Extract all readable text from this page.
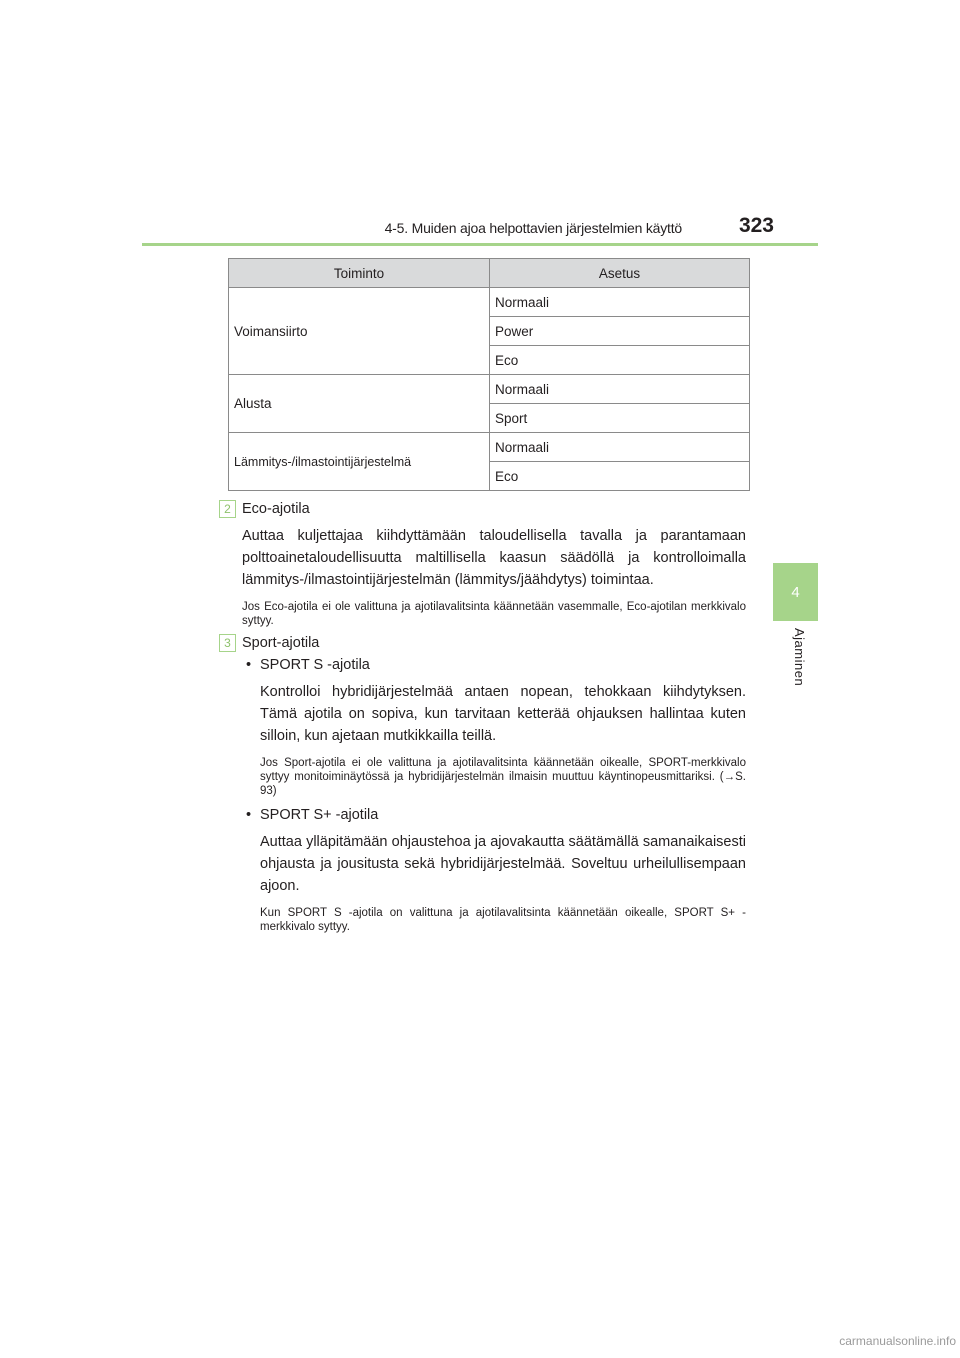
4-5. Muiden ajoa helpottavien järjestelmien käyttö	323
4
Ajaminen
Toiminto	Asetus
Voimansiirto	Normaali
	Power
	Eco
Alusta	Normaali
	Sport
Lämmitys-/ilmastointijärjestelmä	Normaali
	Eco
2 Eco-ajotila

Auttaa kuljettajaa kiihdyttämään taloudellisella tavalla ja parantamaan polttoainetaloudellisuutta maltillisella kaasun säädöllä ja kontrolloimalla lämmitys-/ilmastointijärjestelmän (lämmitys/jäähdytys) toimintaa.

Jos Eco-ajotila ei ole valittuna ja ajotilavalitsinta käännetään vasemmalle, Eco-ajotilan merkkivalo syttyy.

3 Sport-ajotila

• SPORT S -ajotila

Kontrolloi hybridijärjestelmää antaen nopean, tehokkaan kiihdytyksen. Tämä ajotila on sopiva, kun tarvitaan ketterää ohjauksen hallintaa kuten silloin, kun ajetaan mutkikkailla teillä.

Jos Sport-ajotila ei ole valittuna ja ajotilavalitsinta käännetään oikealle, SPORT-merkkivalo syttyy monitoiminäytössä ja hybridijärjestelmän ilmaisin muuttuu käyntinopeusmittariksi. (→S. 93)

• SPORT S+ -ajotila

Auttaa ylläpitämään ohjaustehoa ja ajovakautta säätämällä samanaikaisesti ohjausta ja jousitusta sekä hybridijärjestelmää. Soveltuu urheilullisempaan ajoon.

Kun SPORT S -ajotila on valittuna ja ajotilavalitsinta käännetään oikealle, SPORT S+ -merkkivalo syttyy.

carmanualsonline.info
